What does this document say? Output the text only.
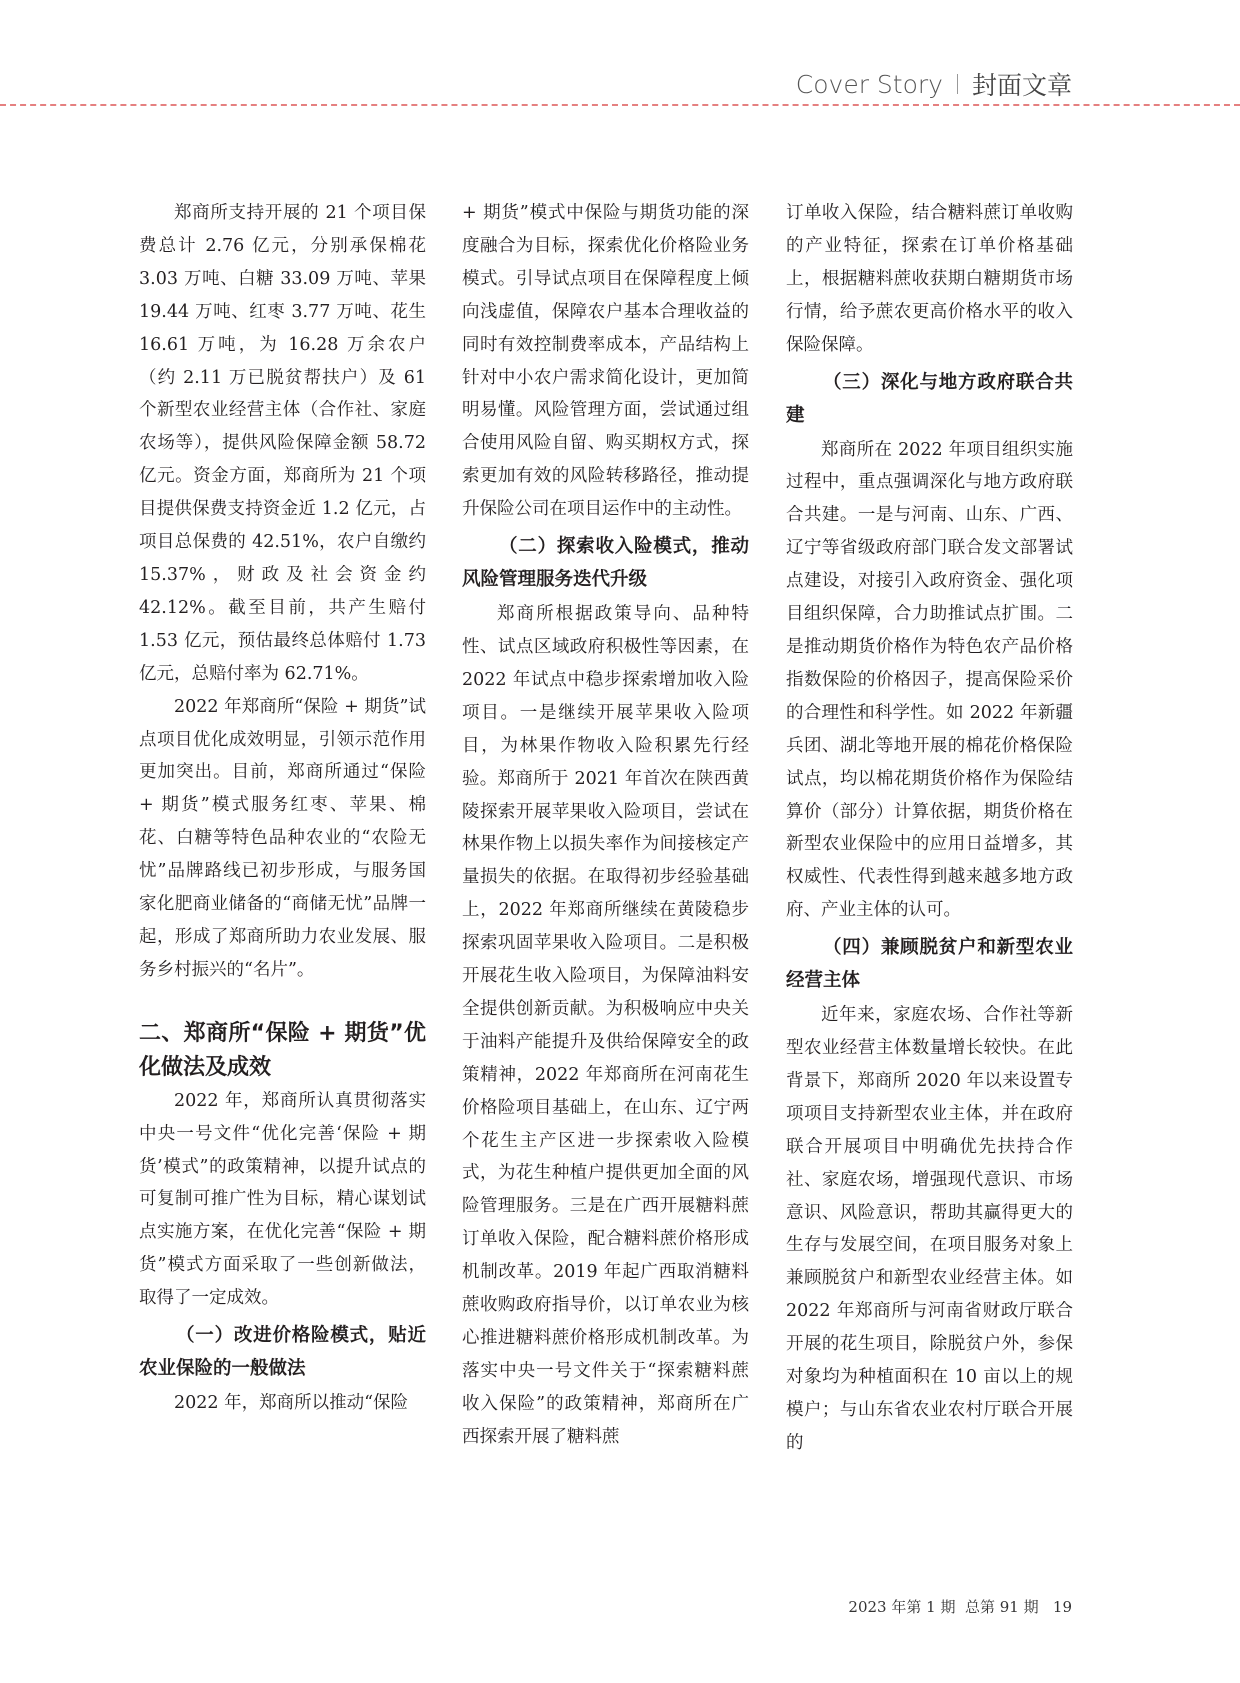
Cover Story 封面文章

郑商所支持开展的 21 个项目保费总计 2.76 亿元，分别承保棉花 3.03 万吨、白糖 33.09 万吨、苹果 19.44 万吨、红枣 3.77 万吨、花生 16.61 万吨，为 16.28 万余农户（约 2.11 万已脱贫帮扶户）及 61 个新型农业经营主体（合作社、家庭农场等），提供风险保障金额 58.72 亿元。资金方面，郑商所为 21 个项目提供保费支持资金近 1.2 亿元，占项目总保费的 42.51%，农户自缴约 15.37%，财政及社会资金约 42.12%。截至目前，共产生赔付 1.53 亿元，预估最终总体赔付 1.73 亿元，总赔付率为 62.71%。

2022 年郑商所“保险 + 期货”试点项目优化成效明显，引领示范作用更加突出。目前，郑商所通过“保险 + 期货”模式服务红枣、苹果、棉花、白糖等特色品种农业的“农险无忧”品牌路线已初步形成，与服务国家化肥商业储备的“商储无忧”品牌一起，形成了郑商所助力农业发展、服务乡村振兴的“名片”。

二、郑商所“保险 + 期货”优化做法及成效

2022 年，郑商所认真贯彻落实中央一号文件“优化完善‘保险 + 期货’模式”的政策精神，以提升试点的可复制可推广性为目标，精心谋划试点实施方案，在优化完善“保险 + 期货”模式方面采取了一些创新做法，取得了一定成效。

（一）改进价格险模式，贴近农业保险的一般做法

2022 年，郑商所以推动“保险

+ 期货”模式中保险与期货功能的深度融合为目标，探索优化价格险业务模式。引导试点项目在保障程度上倾向浅虚值，保障农户基本合理收益的同时有效控制费率成本，产品结构上针对中小农户需求简化设计，更加简明易懂。风险管理方面，尝试通过组合使用风险自留、购买期权方式，探索更加有效的风险转移路径，推动提升保险公司在项目运作中的主动性。

（二）探索收入险模式，推动风险管理服务迭代升级

郑商所根据政策导向、品种特性、试点区域政府积极性等因素，在 2022 年试点中稳步探索增加收入险项目。一是继续开展苹果收入险项目，为林果作物收入险积累先行经验。郑商所于 2021 年首次在陕西黄陵探索开展苹果收入险项目，尝试在林果作物上以损失率作为间接核定产量损失的依据。在取得初步经验基础上，2022 年郑商所继续在黄陵稳步探索巩固苹果收入险项目。二是积极开展花生收入险项目，为保障油料安全提供创新贡献。为积极响应中央关于油料产能提升及供给保障安全的政策精神，2022 年郑商所在河南花生价格险项目基础上，在山东、辽宁两个花生主产区进一步探索收入险模式，为花生种植户提供更加全面的风险管理服务。三是在广西开展糖料蔗订单收入保险，配合糖料蔗价格形成机制改革。2019 年起广西取消糖料蔗收购政府指导价，以订单农业为核心推进糖料蔗价格形成机制改革。为落实中央一号文件关于“探索糖料蔗收入保险”的政策精神，郑商所在广西探索开展了糖料蔗

订单收入保险，结合糖料蔗订单收购的产业特征，探索在订单价格基础上，根据糖料蔗收获期白糖期货市场行情，给予蔗农更高价格水平的收入保险保障。

（三）深化与地方政府联合共建

郑商所在 2022 年项目组织实施过程中，重点强调深化与地方政府联合共建。一是与河南、山东、广西、辽宁等省级政府部门联合发文部署试点建设，对接引入政府资金、强化项目组织保障，合力助推试点扩围。二是推动期货价格作为特色农产品价格指数保险的价格因子，提高保险采价的合理性和科学性。如 2022 年新疆兵团、湖北等地开展的棉花价格保险试点，均以棉花期货价格作为保险结算价（部分）计算依据，期货价格在新型农业保险中的应用日益增多，其权威性、代表性得到越来越多地方政府、产业主体的认可。

（四）兼顾脱贫户和新型农业经营主体

近年来，家庭农场、合作社等新型农业经营主体数量增长较快。在此背景下，郑商所 2020 年以来设置专项项目支持新型农业主体，并在政府联合开展项目中明确优先扶持合作社、家庭农场，增强现代意识、市场意识、风险意识，帮助其赢得更大的生存与发展空间，在项目服务对象上兼顾脱贫户和新型农业经营主体。如 2022 年郑商所与河南省财政厅联合开展的花生项目，除脱贫户外，参保对象均为种植面积在 10 亩以上的规模户；与山东省农业农村厅联合开展的

2023 年第 1 期  总第 91 期   19
